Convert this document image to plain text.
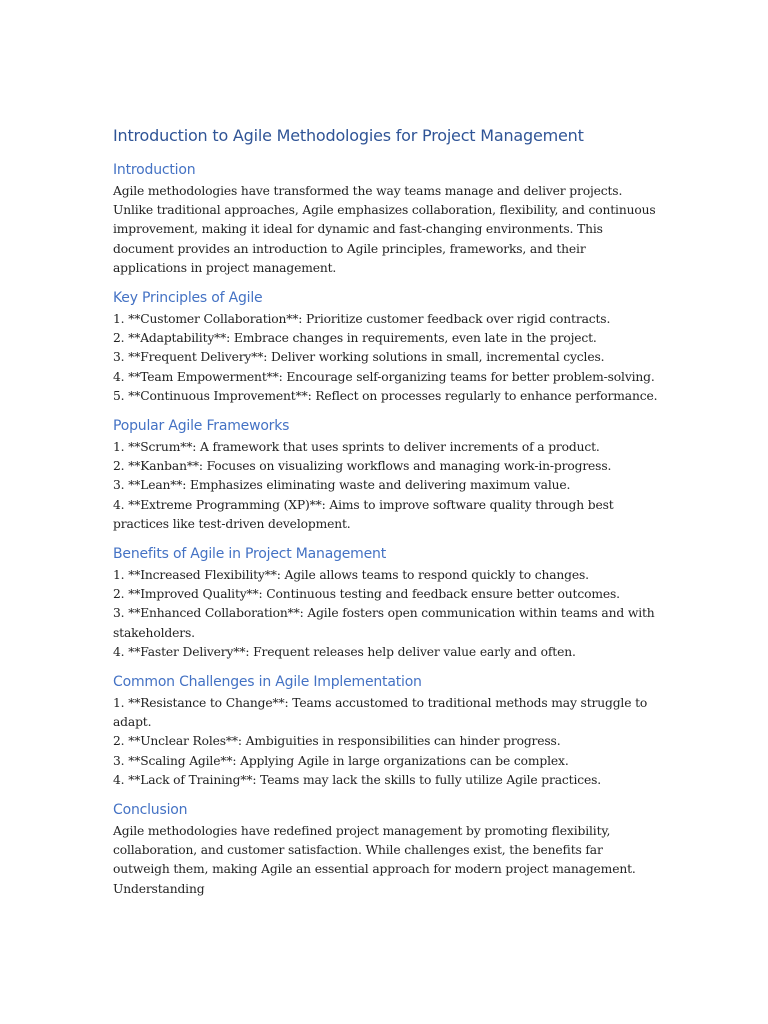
Introduction to Agile Methodologies for Project Management
Introduction

Agile methodologies have transformed the way teams manage and deliver projects. Unlike traditional approaches, Agile emphasizes collaboration, flexibility, and continuous improvement, making it ideal for dynamic and fast-changing environments. This document provides an introduction to Agile principles, frameworks, and their applications in project management.

Key Principles of Agile
1. **Customer Collaboration**: Prioritize customer feedback over rigid contracts.
2. **Adaptability**: Embrace changes in requirements, even late in the project.
3. **Frequent Delivery**: Deliver working solutions in small, incremental cycles.
4. **Team Empowerment**: Encourage self-organizing teams for better problem-solving.
5. **Continuous Improvement**: Reflect on processes regularly to enhance performance.
Popular Agile Frameworks
1. **Scrum**: A framework that uses sprints to deliver increments of a product.
2. **Kanban**: Focuses on visualizing workflows and managing work-in-progress.
3. **Lean**: Emphasizes eliminating waste and delivering maximum value.
4. **Extreme Programming (XP)**: Aims to improve software quality through best practices like test-driven development.
Benefits of Agile in Project Management
1. **Increased Flexibility**: Agile allows teams to respond quickly to changes.
2. **Improved Quality**: Continuous testing and feedback ensure better outcomes.
3. **Enhanced Collaboration**: Agile fosters open communication within teams and with stakeholders.
4. **Faster Delivery**: Frequent releases help deliver value early and often.
Common Challenges in Agile Implementation
1. **Resistance to Change**: Teams accustomed to traditional methods may struggle to adapt.
2. **Unclear Roles**: Ambiguities in responsibilities can hinder progress.
3. **Scaling Agile**: Applying Agile in large organizations can be complex.
4. **Lack of Training**: Teams may lack the skills to fully utilize Agile practices.
Conclusion

Agile methodologies have redefined project management by promoting flexibility, collaboration, and customer satisfaction. While challenges exist, the benefits far outweigh them, making Agile an essential approach for modern project management. Understanding
